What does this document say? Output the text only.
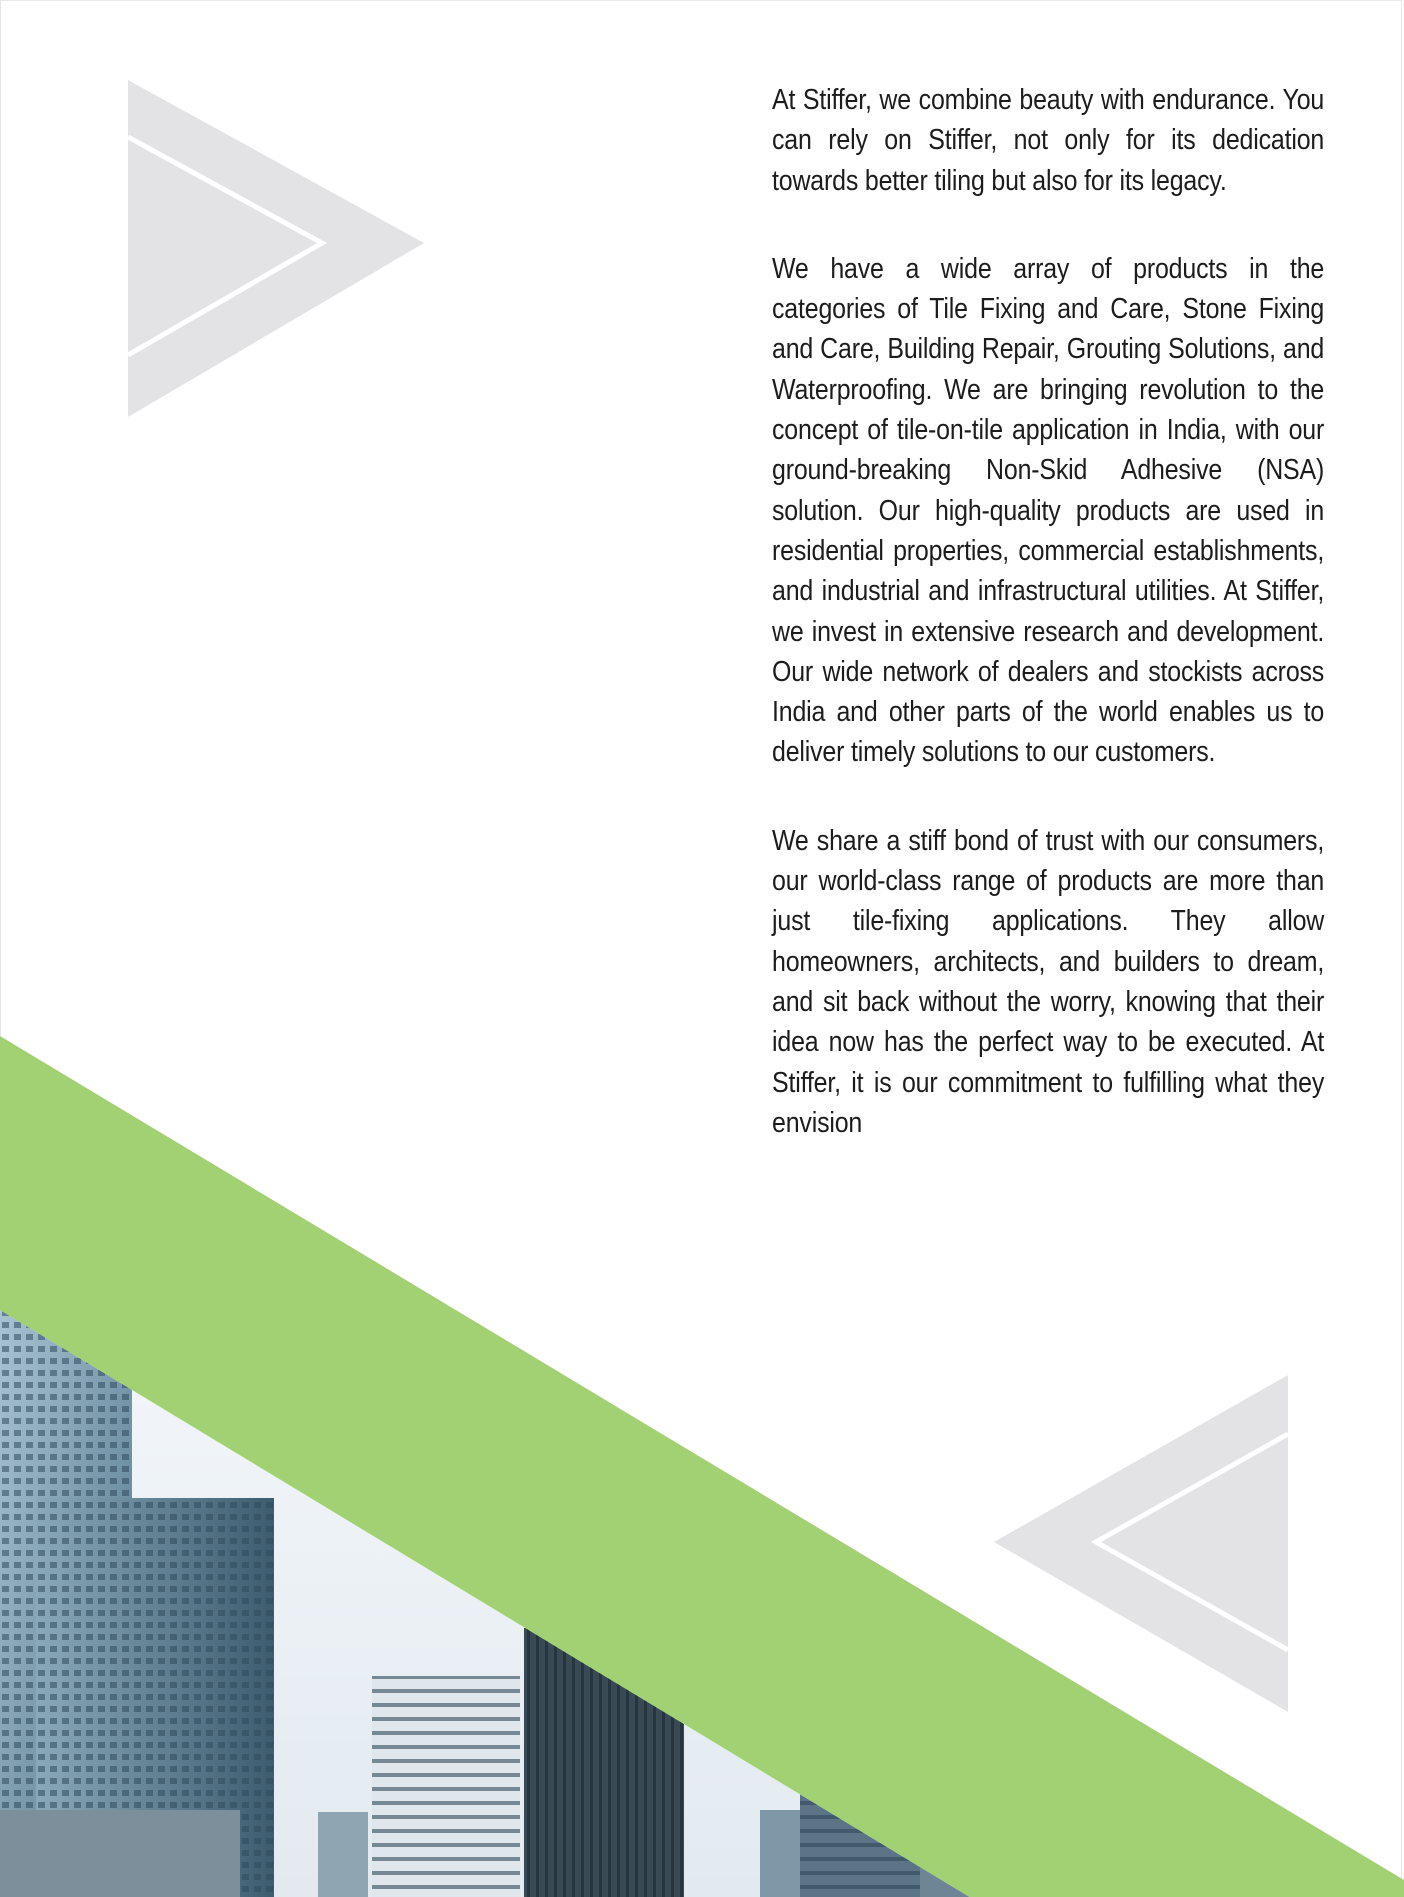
At Stiffer, we combine beauty with endurance. You can rely on Stiffer, not only for its dedication towards better tiling but also for its legacy.

We have a wide array of products in the categories of Tile Fixing and Care, Stone Fixing and Care, Building Repair, Grouting Solutions, and Waterproofing. We are bringing revolution to the concept of tile-on-tile application in India, with our ground-breaking Non-Skid Adhesive (NSA) solution. Our high-quality products are used in residential properties, commercial establishments, and industrial and infrastructural utilities. At Stiffer, we invest in extensive research and development. Our wide network of dealers and stockists across India and other parts of the world enables us to deliver timely solutions to our customers.

We share a stiff bond of trust with our consumers, our world-class range of products are more than just tile-fixing applications. They allow homeowners, architects, and builders to dream, and sit back without the worry, knowing that their idea now has the perfect way to be executed. At Stiffer, it is our commitment to fulfilling what they envision
